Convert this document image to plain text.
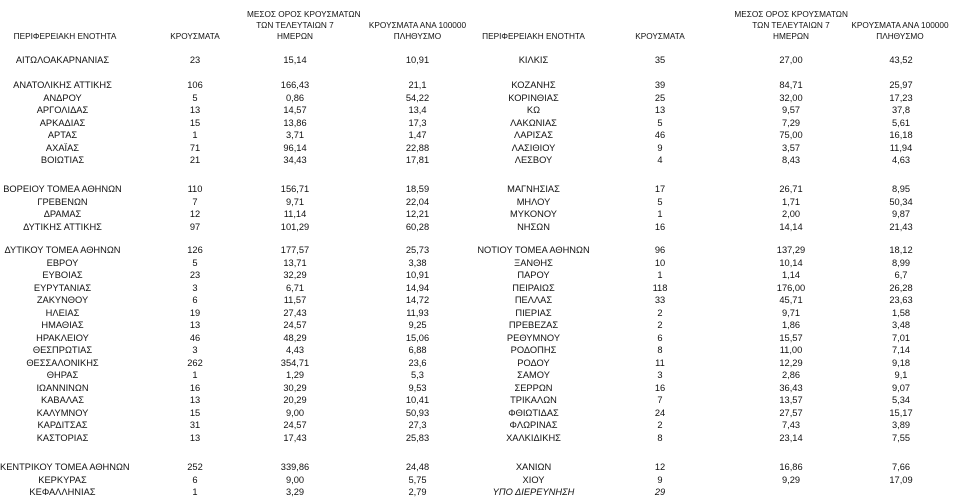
ΠΕΡΙΦΕΡΕΙΑΚΗ ΕΝΟΤΗΤΑ	ΚΡΟΥΣΜΑΤΑ
ΜΕΣΟΣ ΟΡΟΣ ΚΡΟΥΣΜΑΤΩΝ
ΤΩΝ ΤΕΛΕΥΤΑΙΩΝ 7
ΗΜΕΡΩΝ
ΚΡΟΥΣΜΑΤΑ ΑΝΑ 100000
ΠΛΗΘΥΣΜΟ
ΑΙΤΩΛΟΑΚΑΡΝΑΝΙΑΣ	23	15,14	10,91
ΑΝΑΤΟΛΙΚΗΣ ΑΤΤΙΚΗΣ	106	166,43	21,1
ΑΝΔΡΟΥ	5	0,86	54,22
ΑΡΓΟΛΙΔΑΣ	13	14,57	13,4
ΑΡΚΑΔΙΑΣ	15	13,86	17,3
ΑΡΤΑΣ	1	3,71	1,47
ΑΧΑΪΑΣ	71	96,14	22,88
ΒΟΙΩΤΙΑΣ	21	34,43	17,81
ΒΟΡΕΙΟΥ ΤΟΜΕΑ ΑΘΗΝΩΝ	110	156,71	18,59
ΓΡΕΒΕΝΩΝ	7	9,71	22,04
ΔΡΑΜΑΣ	12	11,14	12,21
ΔΥΤΙΚΗΣ ΑΤΤΙΚΗΣ	97	101,29	60,28
ΔΥΤΙΚΟΥ ΤΟΜΕΑ ΑΘΗΝΩΝ	126	177,57	25,73
ΕΒΡΟΥ	5	13,71	3,38
ΕΥΒΟΙΑΣ	23	32,29	10,91
ΕΥΡΥΤΑΝΙΑΣ	3	6,71	14,94
ΖΑΚΥΝΘΟΥ	6	11,57	14,72
ΗΛΕΙΑΣ	19	27,43	11,93
ΗΜΑΘΙΑΣ	13	24,57	9,25
ΗΡΑΚΛΕΙΟΥ	46	48,29	15,06
ΘΕΣΠΡΩΤΙΑΣ	3	4,43	6,88
ΘΕΣΣΑΛΟΝΙΚΗΣ	262	354,71	23,6
ΘΗΡΑΣ	1	1,29	5,3
ΙΩΑΝΝΙΝΩΝ	16	30,29	9,53
ΚΑΒΑΛΑΣ	13	20,29	10,41
ΚΑΛΥΜΝΟΥ	15	9,00	50,93
ΚΑΡΔΙΤΣΑΣ	31	24,57	27,3
ΚΑΣΤΟΡΙΑΣ	13	17,43	25,83
ΚΕΝΤΡΙΚΟΥ ΤΟΜΕΑ ΑΘΗΝΩΝ	252	339,86	24,48
ΚΕΡΚΥΡΑΣ	6	9,00	5,75
ΚΕΦΑΛΛΗΝΙΑΣ	1	3,29	2,79
ΠΕΡΙΦΕΡΕΙΑΚΗ ΕΝΟΤΗΤΑ	ΚΡΟΥΣΜΑΤΑ
ΜΕΣΟΣ ΟΡΟΣ ΚΡΟΥΣΜΑΤΩΝ
ΤΩΝ ΤΕΛΕΥΤΑΙΩΝ 7
ΗΜΕΡΩΝ
ΚΡΟΥΣΜΑΤΑ ΑΝΑ 100000
ΠΛΗΘΥΣΜΟ
ΚΙΛΚΙΣ	35	27,00	43,52
ΚΟΖΑΝΗΣ	39	84,71	25,97
ΚΟΡΙΝΘΙΑΣ	25	32,00	17,23
ΚΩ	13	9,57	37,8
ΛΑΚΩΝΙΑΣ	5	7,29	5,61
ΛΑΡΙΣΑΣ	46	75,00	16,18
ΛΑΣΙΘΙΟΥ	9	3,57	11,94
ΛΕΣΒΟΥ	4	8,43	4,63
ΜΑΓΝΗΣΙΑΣ	17	26,71	8,95
ΜΗΛΟΥ	5	1,71	50,34
ΜΥΚΟΝΟΥ	1	2,00	9,87
ΝΗΣΩΝ	16	14,14	21,43
ΝΟΤΙΟΥ ΤΟΜΕΑ ΑΘΗΝΩΝ	96	137,29	18,12
ΞΑΝΘΗΣ	10	10,14	8,99
ΠΑΡΟΥ	1	1,14	6,7
ΠΕΙΡΑΙΩΣ	118	176,00	26,28
ΠΕΛΛΑΣ	33	45,71	23,63
ΠΙΕΡΙΑΣ	2	9,71	1,58
ΠΡΕΒΕΖΑΣ	2	1,86	3,48
ΡΕΘΥΜΝΟΥ	6	15,57	7,01
ΡΟΔΟΠΗΣ	8	11,00	7,14
ΡΟΔΟΥ	11	12,29	9,18
ΣΑΜΟΥ	3	2,86	9,1
ΣΕΡΡΩΝ	16	36,43	9,07
ΤΡΙΚΑΛΩΝ	7	13,57	5,34
ΦΘΙΩΤΙΔΑΣ	24	27,57	15,17
ΦΛΩΡΙΝΑΣ	2	7,43	3,89
ΧΑΛΚΙΔΙΚΗΣ	8	23,14	7,55
ΧΑΝΙΩΝ	12	16,86	7,66
ΧΙΟΥ	9	9,29	17,09
ΥΠΟ ΔΙΕΡΕΥΝΗΣΗ	29
